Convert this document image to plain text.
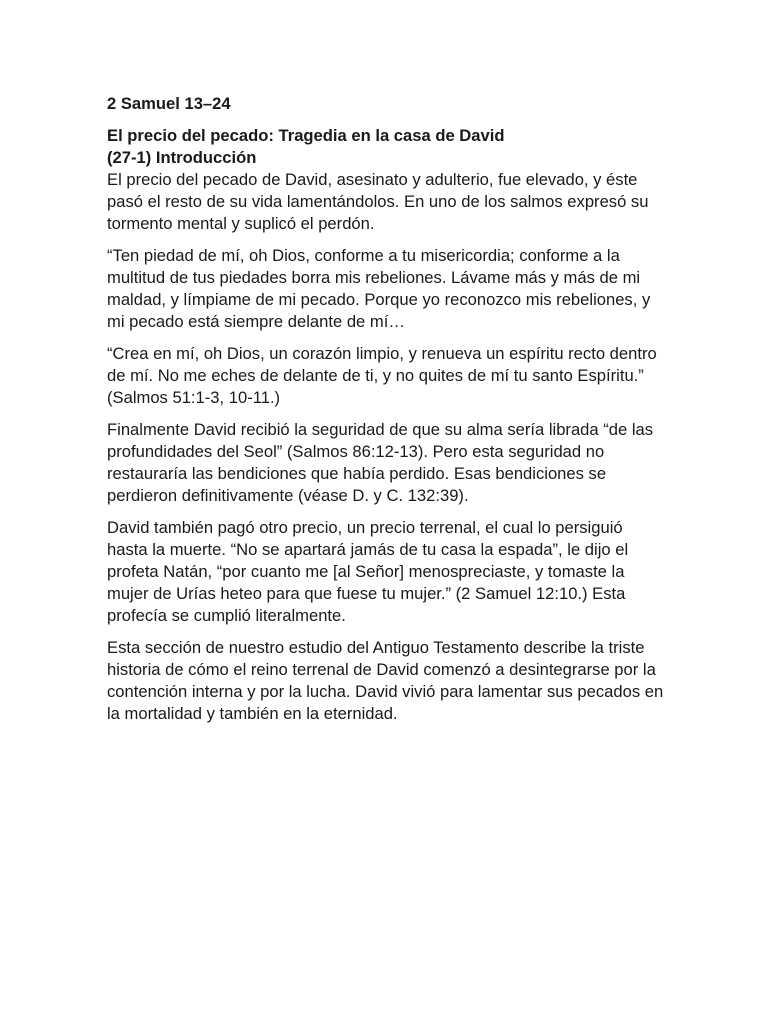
2 Samuel 13–24
El precio del pecado: Tragedia en la casa de David
(27-1) Introducción

El precio del pecado de David, asesinato y adulterio, fue elevado, y éste pasó el resto de su vida lamentándolos. En uno de los salmos expresó su tormento mental y suplicó el perdón.

“Ten piedad de mí, oh Dios, conforme a tu misericordia; conforme a la multitud de tus piedades borra mis rebeliones. Lávame más y más de mi maldad, y límpiame de mi pecado. Porque yo reconozco mis rebeliones, y mi pecado está siempre delante de mí…

“Crea en mí, oh Dios, un corazón limpio, y renueva un espíritu recto dentro de mí. No me eches de delante de ti, y no quites de mí tu santo Espíritu.” (Salmos 51:1-3, 10-11.)

Finalmente David recibió la seguridad de que su alma sería librada “de las profundidades del Seol” (Salmos 86:12-13). Pero esta seguridad no restauraría las bendiciones que había perdido. Esas bendiciones se perdieron definitivamente (véase D. y C. 132:39).

David también pagó otro precio, un precio terrenal, el cual lo persiguió hasta la muerte. “No se apartará jamás de tu casa la espada”, le dijo el profeta Natán, “por cuanto me [al Señor] menospreciaste, y tomaste la mujer de Urías heteo para que fuese tu mujer.” (2 Samuel 12:10.) Esta profecía se cumplió literalmente.

Esta sección de nuestro estudio del Antiguo Testamento describe la triste historia de cómo el reino terrenal de David comenzó a desintegrarse por la contención interna y por la lucha. David vivió para lamentar sus pecados en la mortalidad y también en la eternidad.
